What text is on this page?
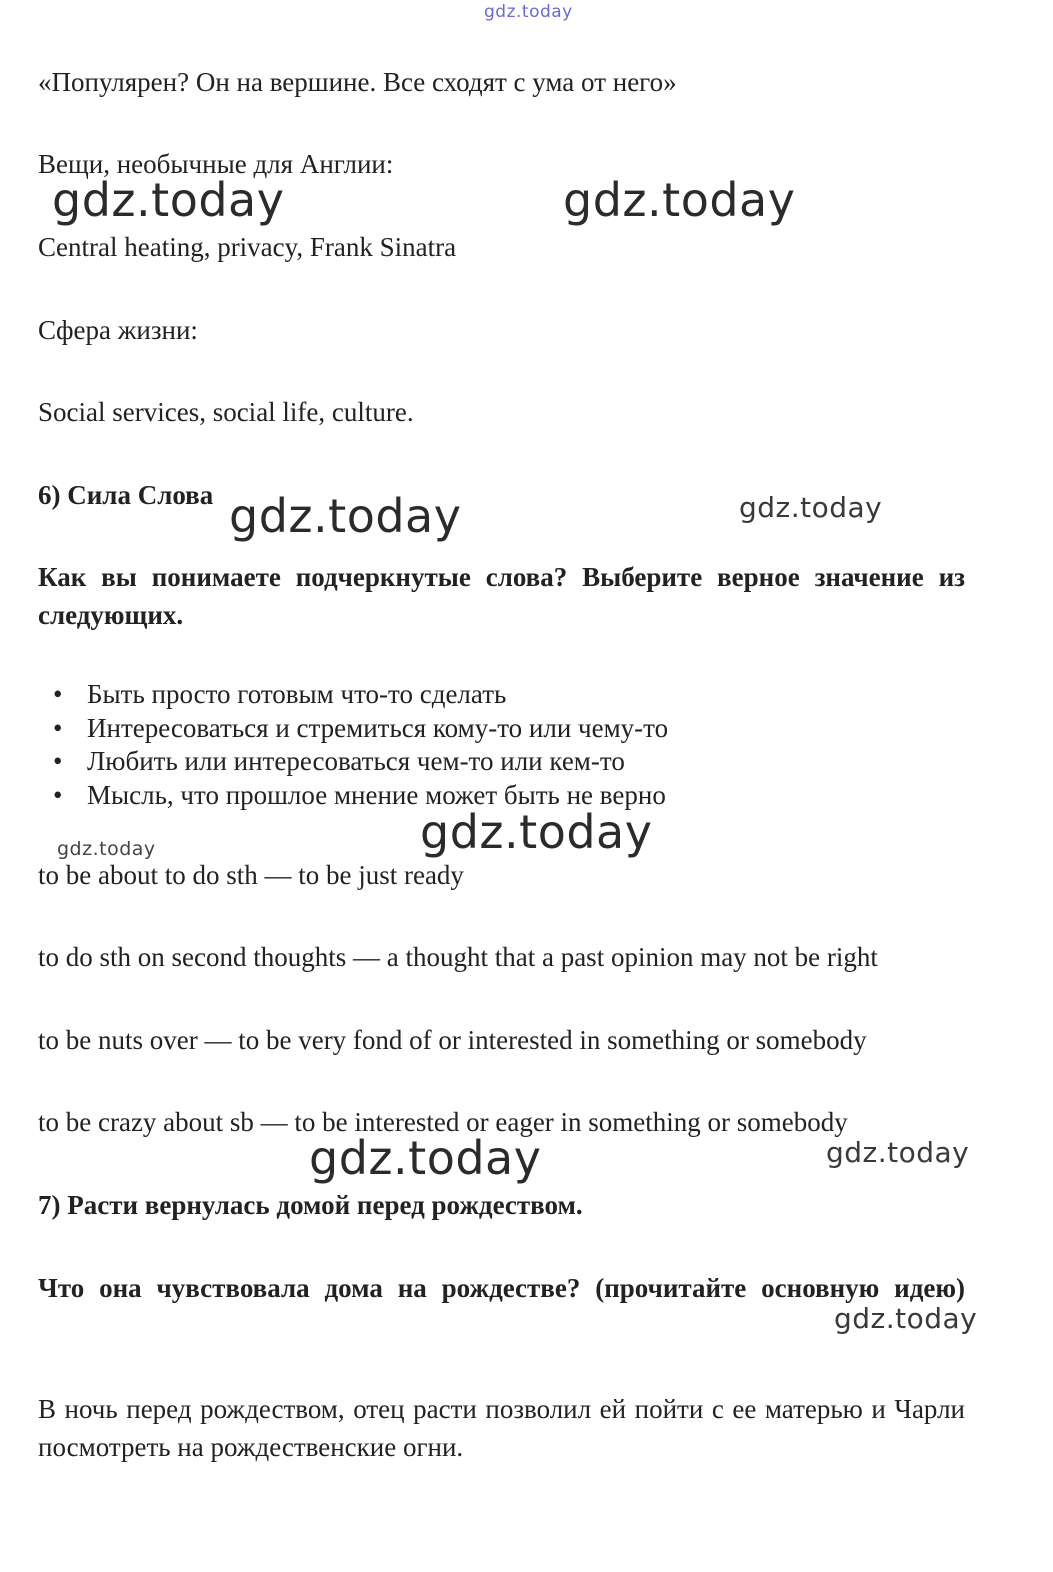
gdz.today
gdz.today	gdz.today
gdz.today	gdz.today
gdz.today
gdz.today
gdz.today	gdz.today
gdz.today
«Популярен? Он на вершине. Все сходят с ума от него»
Вещи, необычные для Англии:
Central heating, privacy, Frank Sinatra
Сфера жизни:
Social services, social life, culture.
6) Сила Слова
Как вы понимаете подчеркнутые слова? Выберите верное значение из следующих.
• Быть просто готовым что-то сделать
• Интересоваться и стремиться кому-то или чему-то
• Любить или интересоваться чем-то или кем-то
• Мысль, что прошлое мнение может быть не верно
to be about to do sth — to be just ready
to do sth on second thoughts — a thought that a past opinion may not be right
to be nuts over — to be very fond of or interested in something or somebody
to be crazy about sb — to be interested or eager in something or somebody
7) Расти вернулась домой перед рождеством.
Что она чувствовала дома на рождестве? (прочитайте основную идею)
В ночь перед рождеством, отец расти позволил ей пойти с ее матерью и Чарли посмотреть на рождественские огни.
